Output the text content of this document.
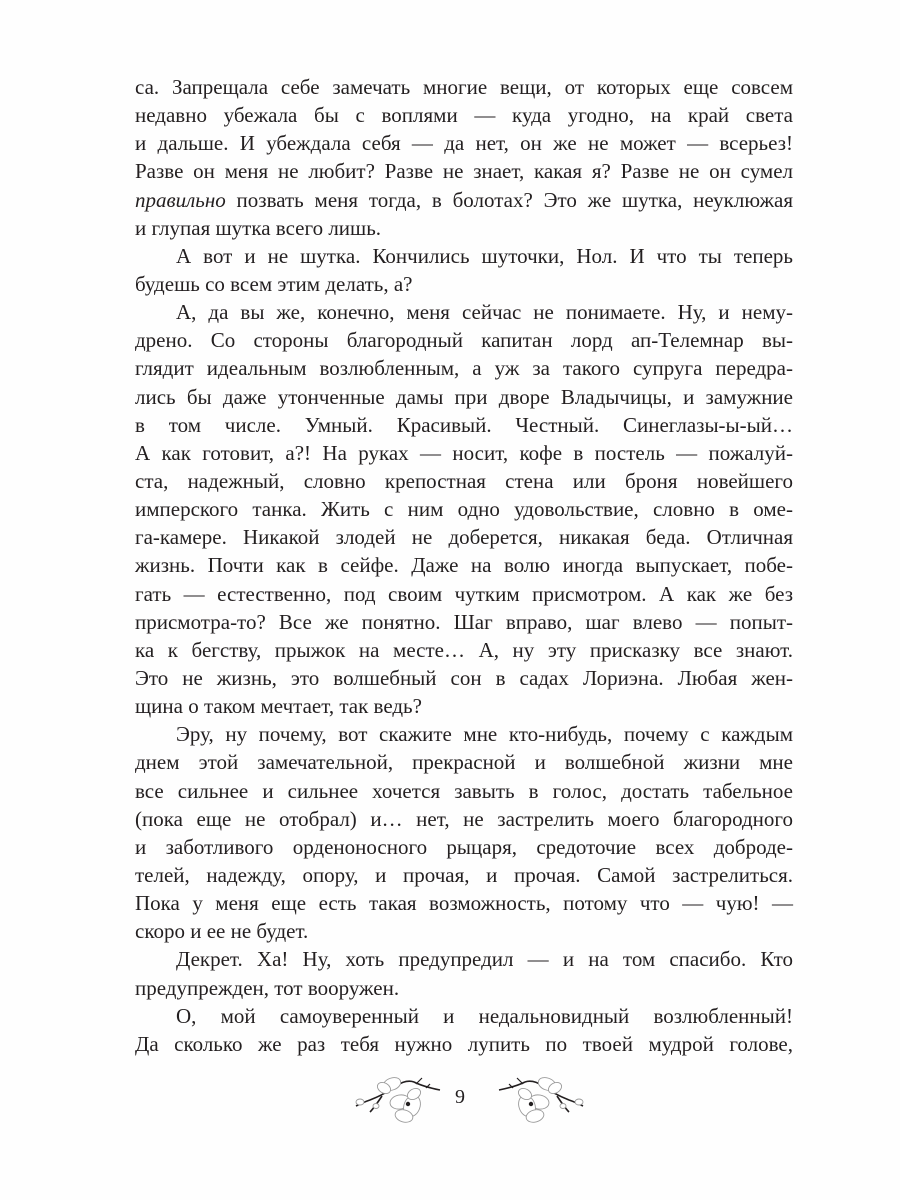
са. Запрещала себе замечать многие вещи, от которых еще совсем
недавно убежала бы с воплями — куда угодно, на край света
и дальше. И убеждала себя — да нет, он же не может — всерьез!
Разве он меня не любит? Разве не знает, какая я? Разве не он сумел
правильно позвать меня тогда, в болотах? Это же шутка, неуклюжая
и глупая шутка всего лишь.
А вот и не шутка. Кончились шуточки, Нол. И что ты теперь
будешь со всем этим делать, а?
А, да вы же, конечно, меня сейчас не понимаете. Ну, и нему-
дрено. Со стороны благородный капитан лорд ап-Телемнар вы-
глядит идеальным возлюбленным, а уж за такого супруга передра-
лись бы даже утонченные дамы при дворе Владычицы, и замужние
в том числе. Умный. Красивый. Честный. Синеглазы-ы-ый…
А как готовит, а?! На руках — носит, кофе в постель — пожалуй-
ста, надежный, словно крепостная стена или броня новейшего
имперского танка. Жить с ним одно удовольствие, словно в оме-
га-камере. Никакой злодей не доберется, никакая беда. Отличная
жизнь. Почти как в сейфе. Даже на волю иногда выпускает, побе-
гать — естественно, под своим чутким присмотром. А как же без
присмотра-то? Все же понятно. Шаг вправо, шаг влево — попыт-
ка к бегству, прыжок на месте… А, ну эту присказку все знают.
Это не жизнь, это волшебный сон в садах Лориэна. Любая жен-
щина о таком мечтает, так ведь?
Эру, ну почему, вот скажите мне кто-нибудь, почему с каждым
днем этой замечательной, прекрасной и волшебной жизни мне
все сильнее и сильнее хочется завыть в голос, достать табельное
(пока еще не отобрал) и… нет, не застрелить моего благородного
и заботливого орденоносного рыцаря, средоточие всех доброде-
телей, надежду, опору, и прочая, и прочая. Самой застрелиться.
Пока у меня еще есть такая возможность, потому что — чую! —
скоро и ее не будет.
Декрет. Ха! Ну, хоть предупредил — и на том спасибо. Кто
предупрежден, тот вооружен.
О, мой самоуверенный и недальновидный возлюбленный!
Да сколько же раз тебя нужно лупить по твоей мудрой голове,
9
